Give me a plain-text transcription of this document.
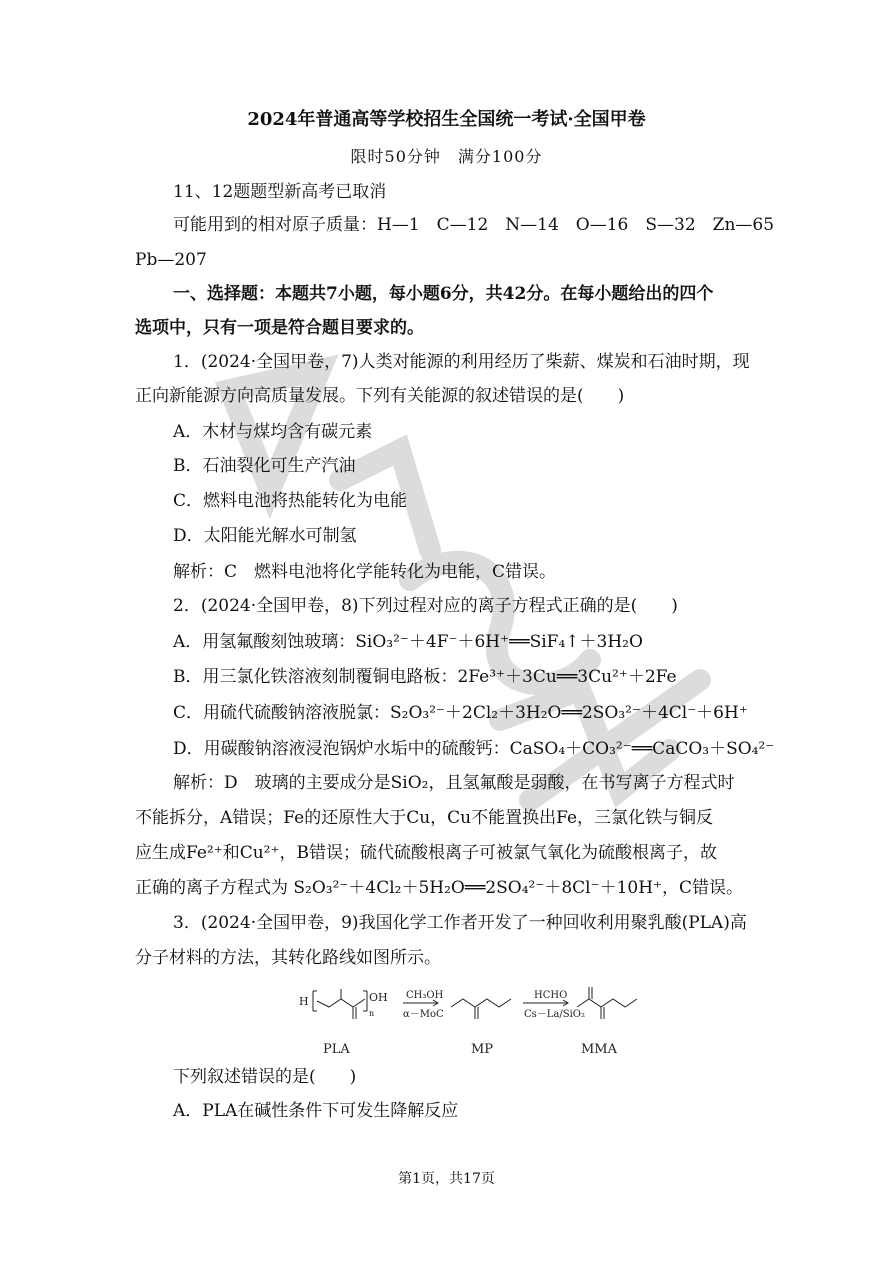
2024年普通高等学校招生全国统一考试·全国甲卷
限时50分钟　满分100分
11、12题题型新高考已取消
可能用到的相对原子质量：H—1　C—12　N—14　O—16　S—32　Zn—65
Pb—207
一、选择题：本题共7小题，每小题6分，共42分。在每小题给出的四个
选项中，只有一项是符合题目要求的。
1．(2024·全国甲卷，7)人类对能源的利用经历了柴薪、煤炭和石油时期，现
正向新能源方向高质量发展。下列有关能源的叙述错误的是(　　)
A．木材与煤均含有碳元素
B．石油裂化可生产汽油
C．燃料电池将热能转化为电能
D．太阳能光解水可制氢
解析：C　燃料电池将化学能转化为电能，C错误。
2．(2024·全国甲卷，8)下列过程对应的离子方程式正确的是(　　)
A．用氢氟酸刻蚀玻璃：SiO₃²⁻＋4F⁻＋6H⁺══SiF₄↑＋3H₂O
B．用三氯化铁溶液刻制覆铜电路板：2Fe³⁺＋3Cu══3Cu²⁺＋2Fe
C．用硫代硫酸钠溶液脱氯：S₂O₃²⁻＋2Cl₂＋3H₂O══2SO₃²⁻＋4Cl⁻＋6H⁺
D．用碳酸钠溶液浸泡锅炉水垢中的硫酸钙：CaSO₄＋CO₃²⁻══CaCO₃＋SO₄²⁻
解析：D　玻璃的主要成分是SiO₂，且氢氟酸是弱酸，在书写离子方程式时
不能拆分，A错误；Fe的还原性大于Cu，Cu不能置换出Fe，三氯化铁与铜反
应生成Fe²⁺和Cu²⁺，B错误；硫代硫酸根离子可被氯气氧化为硫酸根离子，故
正确的离子方程式为 S₂O₃²⁻＋4Cl₂＋5H₂O══2SO₄²⁻＋8Cl⁻＋10H⁺，C错误。
3．(2024·全国甲卷，9)我国化学工作者开发了一种回收利用聚乳酸(PLA)高
分子材料的方法，其转化路线如图所示。
H	OH
n
CH₃OH
α－MoC
HCHO
Cs－La/SiO₂
PLA	MP	MMA
下列叙述错误的是(　　)
A．PLA在碱性条件下可发生降解反应
第1页，共17页
